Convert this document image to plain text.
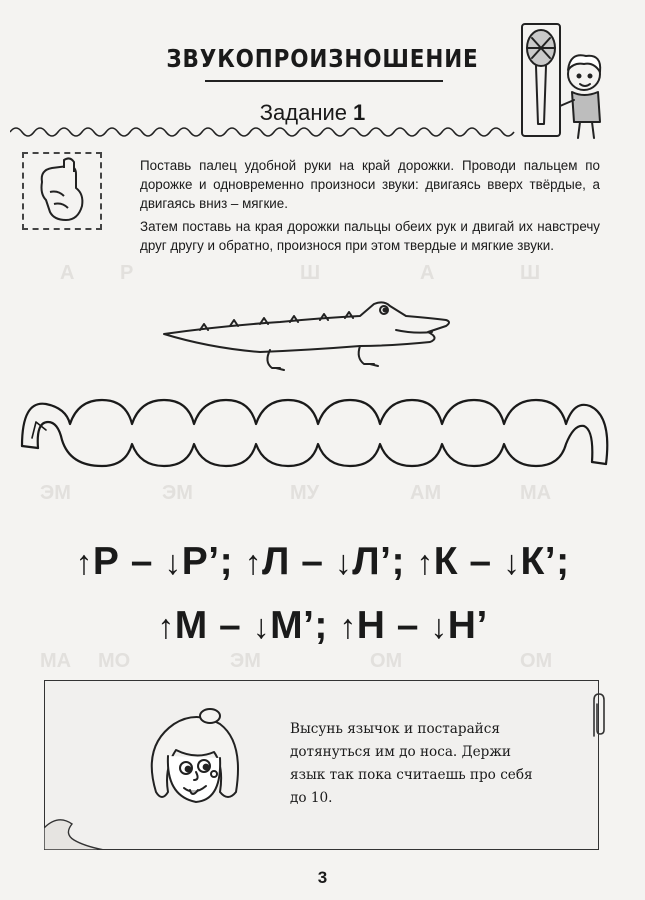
А Р	Ш	А	Ш
ЭМ	ЭМ	МУ	АМ	МА
МА МО	ЭМ	ОМ	ОМ
ЗВУКОПРОИЗНОШЕНИЕ
Задание 1

Поставь палец удобной руки на край дорожки. Проводи пальцем по дорожке и одновременно произноси звуки: двигаясь вверх твёрдые, а двигаясь вниз – мягкие.

Затем поставь на края дорожки пальцы обеих рук и двигай их навстречу друг другу и обратно, произнося при этом твердые и мягкие звуки.

↑Р – ↓Р’; ↑Л – ↓Л’; ↑К – ↓К’;
↑М – ↓М’; ↑Н – ↓Н’
Высунь язычок и постарайся дотянуться им до носа. Держи язык так пока считаешь про себя до 10.
3
